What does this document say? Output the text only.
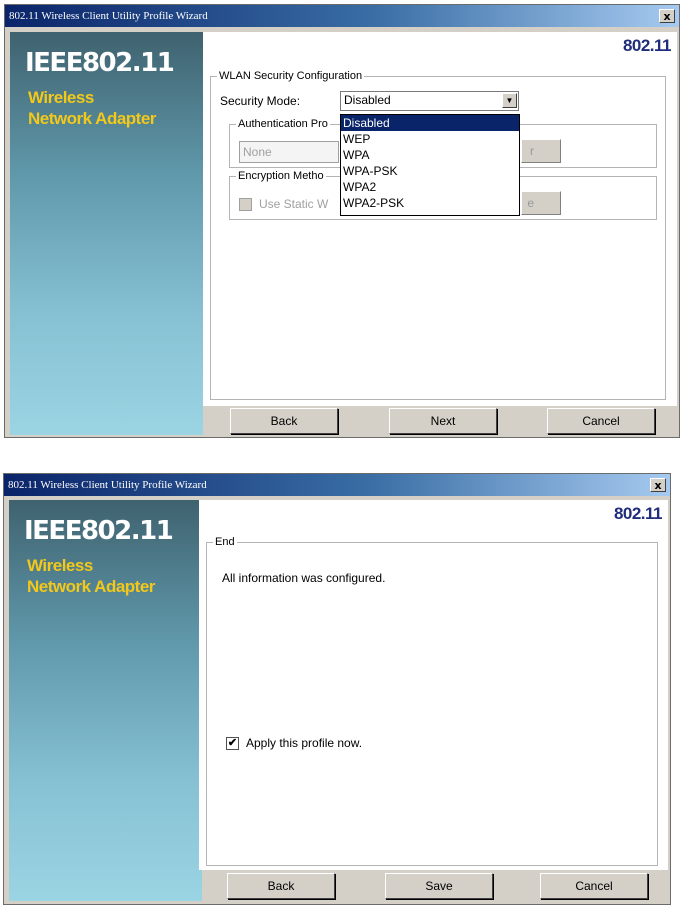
802.11 Wireless Client Utility Profile Wizard	x
IEEE802.11
Wireless
Network Adapter
802.11
WLAN Security Configuration
Security Mode:	Disabled	▼
Disabled
WEP
WPA
WPA-PSK
WPA2
WPA2-PSK
Authentication Pro
None	r
Encryption Metho
Use Static W	e
Back	Next	Cancel
802.11 Wireless Client Utility Profile Wizard	x
IEEE802.11
Wireless
Network Adapter
802.11
End
All information was configured.
✔ Apply this profile now.
Back	Save	Cancel
